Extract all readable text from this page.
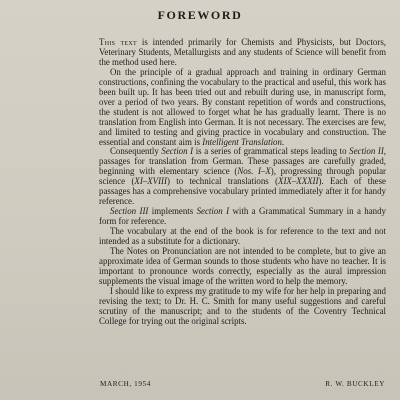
FOREWORD

This text is intended primarily for Chemists and Physicists, but Doctors, Veterinary Students, Metallurgists and any students of Science will benefit from the method used here.

On the principle of a gradual approach and training in ordinary German constructions, confining the vocabulary to the practical and useful, this work has been built up. It has been tried out and rebuilt during use, in manuscript form, over a period of two years. By constant repetition of words and constructions, the student is not allowed to forget what he has gradually learnt. There is no translation from English into German. It is not necessary. The exercises are few, and limited to testing and giving practice in vocabulary and construction. The essential and constant aim is Intelligent Translation.

Consequently Section I is a series of grammatical steps leading to Section II, passages for translation from German. These passages are carefully graded, beginning with elementary science (Nos. I–X), progressing through popular science (XI–XVIII) to technical translations (XIX–XXXII). Each of these passages has a comprehensive vocabulary printed immediately after it for handy reference.

Section III implements Section I with a Grammatical Summary in a handy form for reference.

The vocabulary at the end of the book is for reference to the text and not intended as a substitute for a dictionary.

The Notes on Pronunciation are not intended to be complete, but to give an approximate idea of German sounds to those students who have no teacher. It is important to pronounce words correctly, especially as the aural impression supplements the visual image of the written word to help the memory.

I should like to express my gratitude to my wife for her help in preparing and revising the text; to Dr. H. C. Smith for many useful suggestions and careful scrutiny of the manuscript; and to the students of the Coventry Technical College for trying out the original scripts.

MARCH, 1954	R. W. BUCKLEY
